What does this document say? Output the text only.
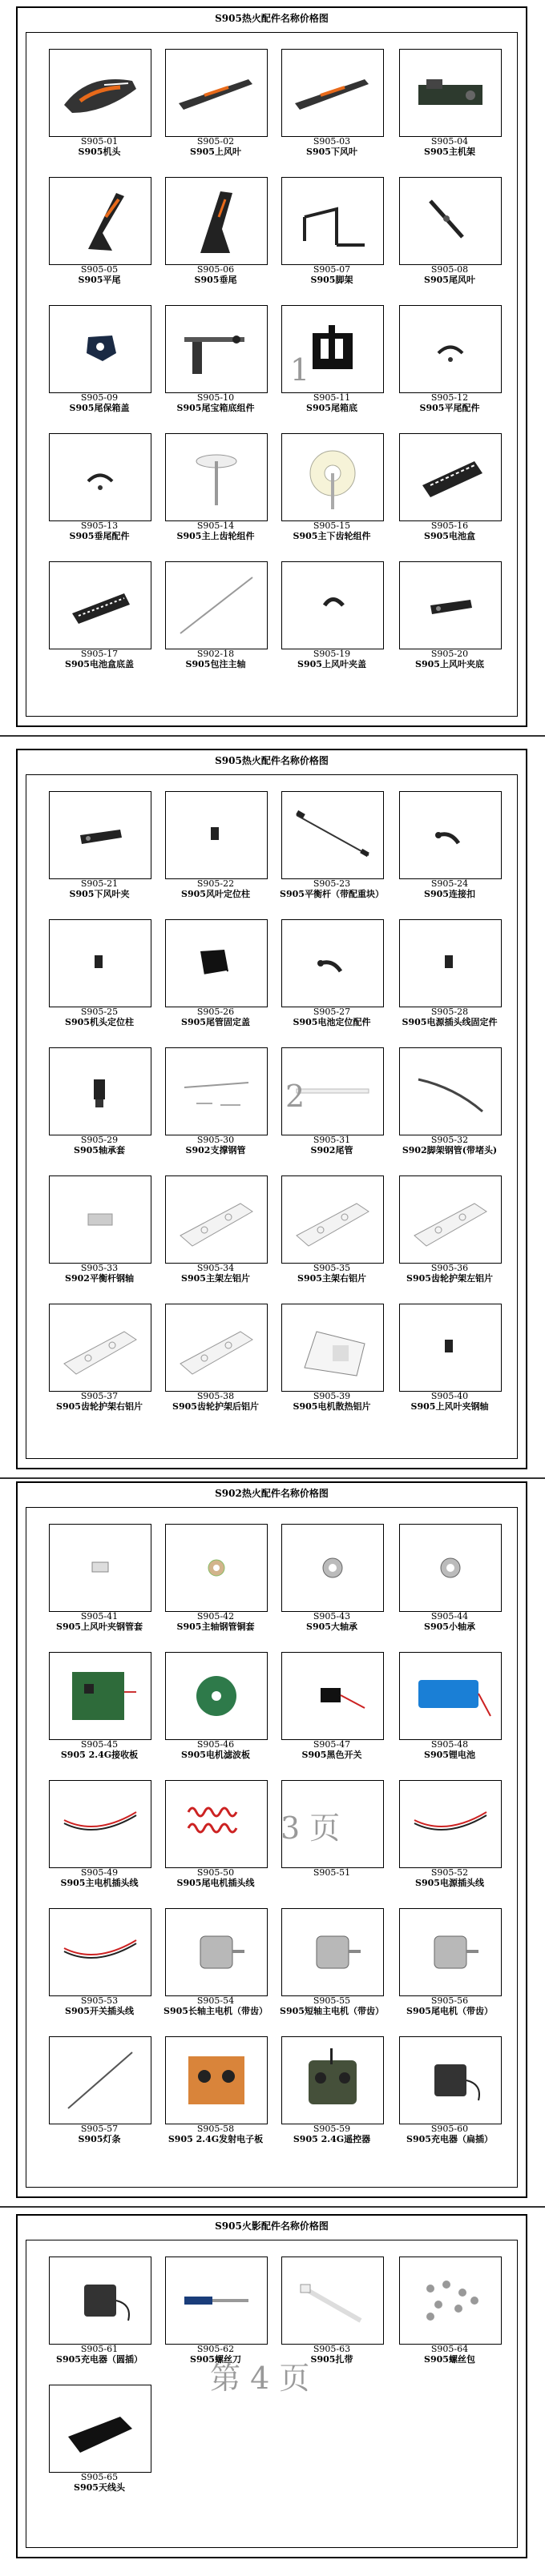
S905热火配件名称价格图
S905-01
S905机头
S905-02
S905上风叶
S905-03
S905下风叶
S905-04
S905主机架
S905-05
S905平尾
S905-06
S905垂尾
S905-07
S905脚架
S905-08
S905尾风叶
S905-09
S905尾保箱盖
S905-10
S905尾宝箱底组件
S905-11
S905尾箱底
S905-12
S905平尾配件
S905-13
S905垂尾配件
S905-14
S905主上齿轮组件
S905-15
S905主下齿轮组件
S905-16
S905电池盒
S905-17
S905电池盒底盖
S902-18
S905包注主轴
S905-19
S905上风叶夹盖
S905-20
S905上风叶夹底
1
S905热火配件名称价格图
S905-21
S905下风叶夹
S905-22
S905风叶定位柱
S905-23
S905平衡杆（带配重块）
S905-24
S905连接扣
S905-25
S905机头定位柱
S905-26
S905尾管固定盖
S905-27
S905电池定位配件
S905-28
S905电源插头线固定件
S905-29
S905轴承套
S905-30
S902支撑钢管
S905-31
S902尾管
S905-32
S902脚架钢管(带堵头)
S905-33
S902平衡杆钢轴
S905-34
S905主架左铝片
S905-35
S905主架右铝片
S905-36
S905齿轮护架左铝片
S905-37
S905齿轮护架右铝片
S905-38
S905齿轮护架后铝片
S905-39
S905电机散热铝片
S905-40
S905上风叶夹钢轴
2
S902热火配件名称价格图
S905-41
S905上风叶夹钢管套
S905-42
S905主轴钢管铜套
S905-43
S905大轴承
S905-44
S905小轴承
S905-45
S905 2.4G接收板
S905-46
S905电机滤波板
S905-47
S905黑色开关
S905-48
S905锂电池
S905-49
S905主电机插头线
S905-50
S905尾电机插头线
S905-51	S905-52
S905电源插头线
S905-53
S905开关插头线
S905-54
S905长轴主电机（带齿）
S905-55
S905短轴主电机（带齿）
S905-56
S905尾电机（带齿）
S905-57
S905灯条
S905-58
S905 2.4G发射电子板
S905-59
S905 2.4G遥控器
S905-60
S905充电器（扁插）
3 页
S905火影配件名称价格图
S905-61
S905充电器（圆插）
S905-62
S905螺丝刀
S905-63
S905扎带
S905-64
S905螺丝包
S905-65
S905天线头
第 4 页
